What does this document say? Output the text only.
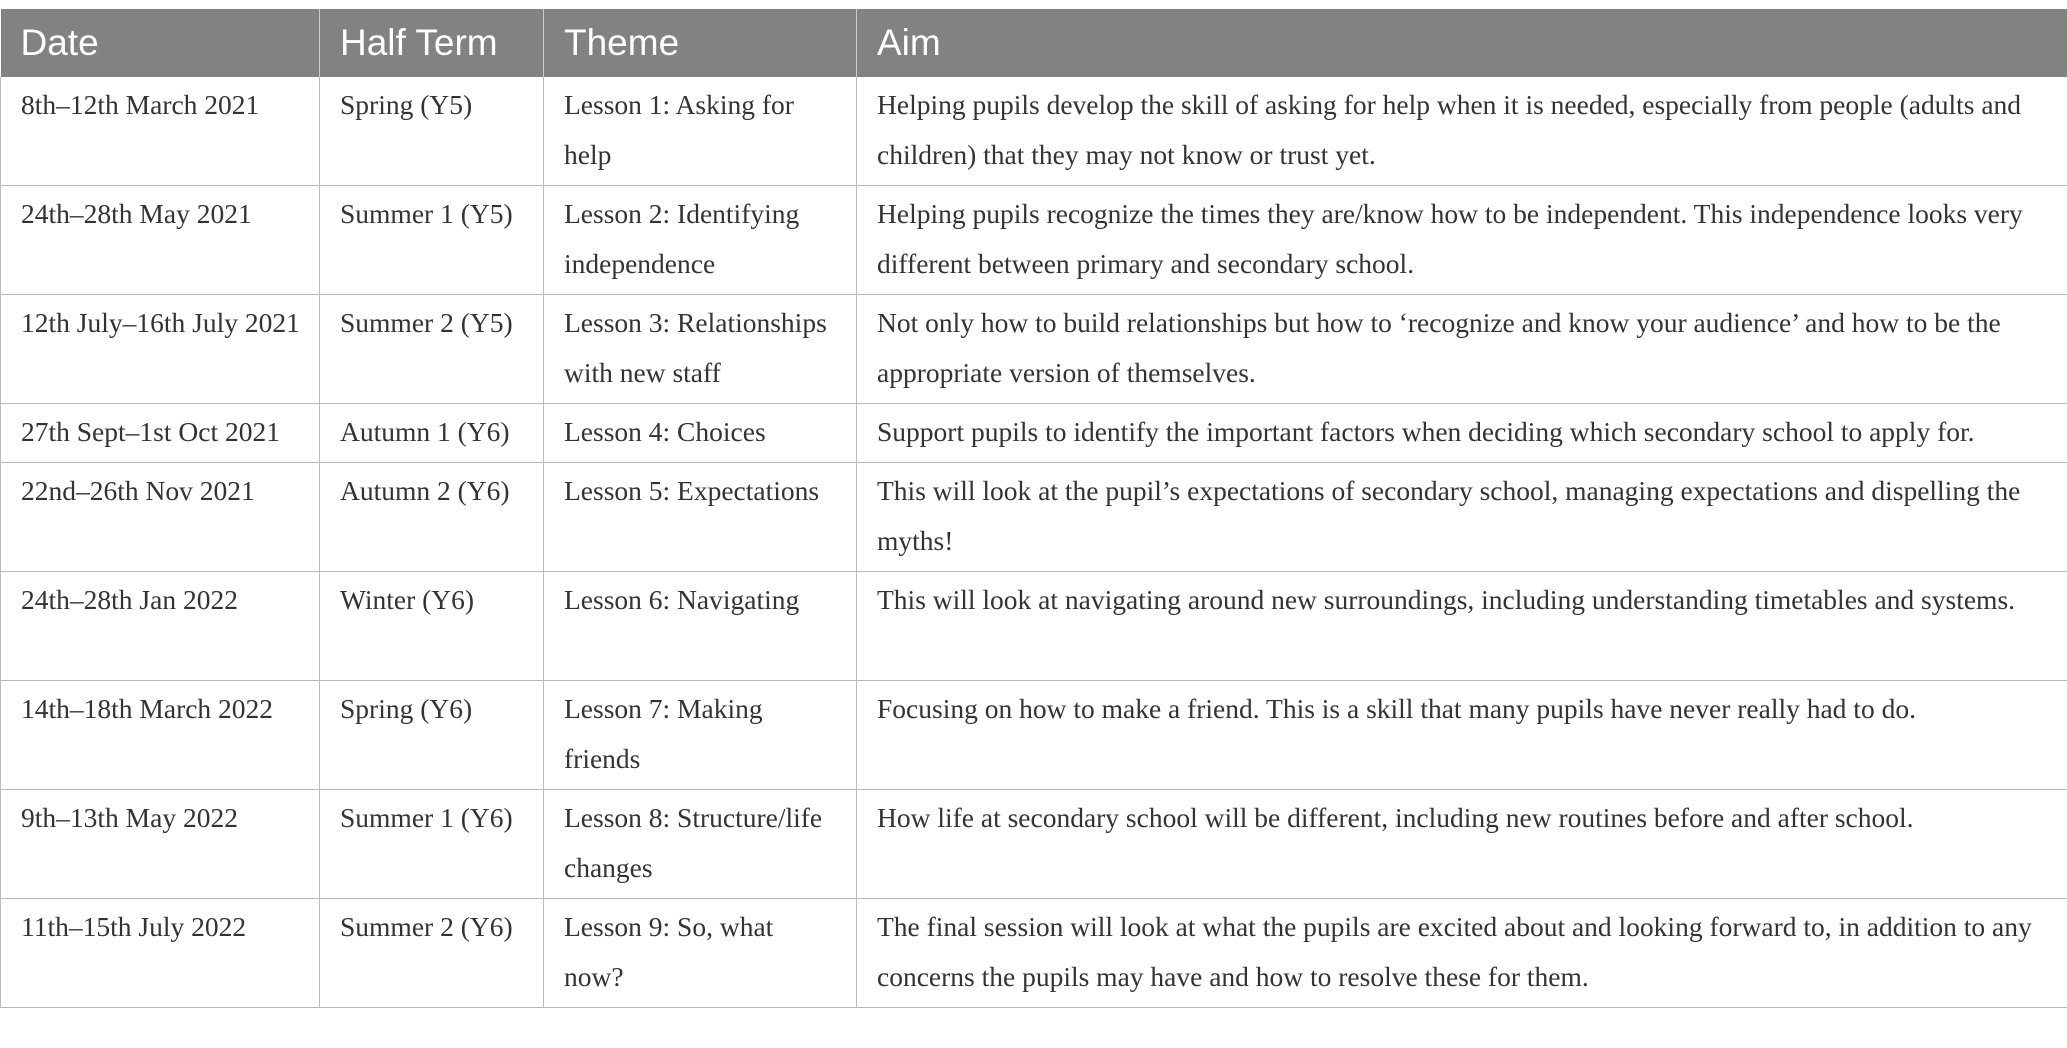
Date	Half Term	Theme	Aim
8th–12th March 2021	Spring (Y5)	Lesson 1: Asking for help	Helping pupils develop the skill of asking for help when it is needed, especially from people (adults and children) that they may not know or trust yet.
24th–28th May 2021	Summer 1 (Y5)	Lesson 2: Identifying independence	Helping pupils recognize the times they are/know how to be independent. This independence looks very different between primary and secondary school.
12th July–16th July 2021	Summer 2 (Y5)	Lesson 3: Relationships with new staff	Not only how to build relationships but how to ‘recognize and know your audience’ and how to be the appropriate version of themselves.
27th Sept–1st Oct 2021	Autumn 1 (Y6)	Lesson 4: Choices	Support pupils to identify the important factors when deciding which secondary school to apply for.
22nd–26th Nov 2021	Autumn 2 (Y6)	Lesson 5: Expectations	This will look at the pupil’s expectations of secondary school, managing expectations and dispelling the myths!
24th–28th Jan 2022	Winter (Y6)	Lesson 6: Navigating	This will look at navigating around new surroundings, including understanding timetables and systems.
14th–18th March 2022	Spring (Y6)	Lesson 7: Making friends	Focusing on how to make a friend. This is a skill that many pupils have never really had to do.
9th–13th May 2022	Summer 1 (Y6)	Lesson 8: Structure/life changes	How life at secondary school will be different, including new routines before and after school.
11th–15th July 2022	Summer 2 (Y6)	Lesson 9: So, what now?	The final session will look at what the pupils are excited about and looking forward to, in addition to any concerns the pupils may have and how to resolve these for them.
